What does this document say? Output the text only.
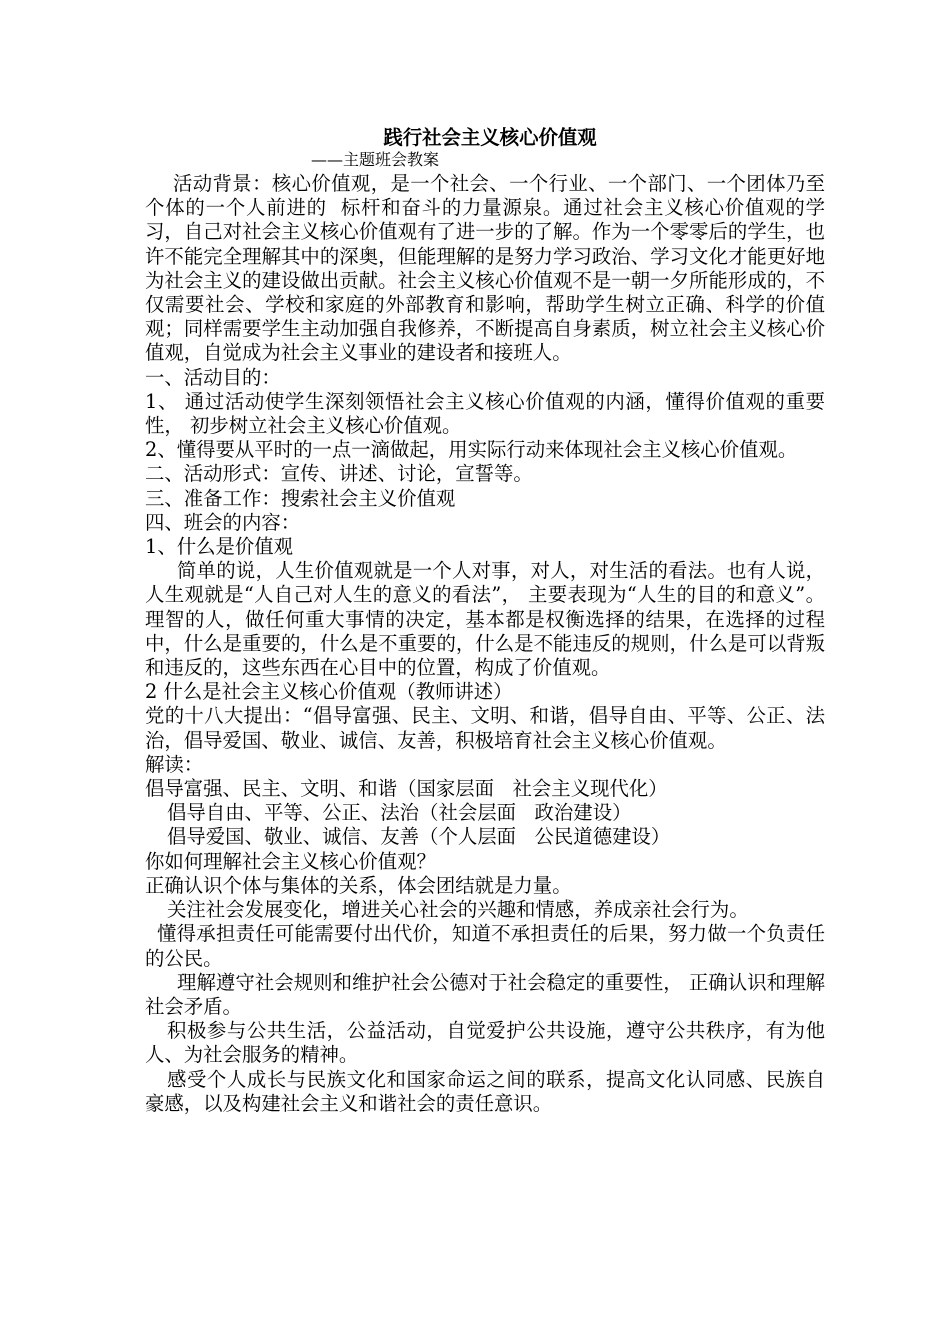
践行社会主义核心价值观
——主题班会教案

活动背景：核心价值观，是一个社会、一个行业、一个部门、一个团体乃至个体的一个人前进的  标杆和奋斗的力量源泉。通过社会主义核心价值观的学习，自己对社会主义核心价值观有了进一步的了解。作为一个零零后的学生，也许不能完全理解其中的深奥，但能理解的是努力学习政治、学习文化才能更好地为社会主义的建设做出贡献。社会主义核心价值观不是一朝一夕所能形成的，不仅需要社会、学校和家庭的外部教育和影响，帮助学生树立正确、科学的价值观；同样需要学生主动加强自我修养，不断提高自身素质，树立社会主义核心价值观，自觉成为社会主义事业的建设者和接班人。

一、活动目的：

1、 通过活动使学生深刻领悟社会主义核心价值观的内涵，懂得价值观的重要性， 初步树立社会主义核心价值观。

2、懂得要从平时的一点一滴做起，用实际行动来体现社会主义核心价值观。

二、活动形式：宣传、讲述、讨论，宣誓等。

三、准备工作：搜索社会主义价值观

四、班会的内容：

1、什么是价值观

简单的说，人生价值观就是一个人对事，对人，对生活的看法。也有人说，人生观就是“人自己对人生的意义的看法”， 主要表现为“人生的目的和意义”。理智的人，做任何重大事情的决定，基本都是权衡选择的结果，在选择的过程中，什么是重要的，什么是不重要的，什么是不能违反的规则，什么是可以背叛和违反的，这些东西在心目中的位置，构成了价值观。

2 什么是社会主义核心价值观（教师讲述）

党的十八大提出：“倡导富强、民主、文明、和谐，倡导自由、平等、公正、法治，倡导爱国、敬业、诚信、友善，积极培育社会主义核心价值观。

解读：

倡导富强、民主、文明、和谐（国家层面   社会主义现代化）

倡导自由、平等、公正、法治（社会层面   政治建设）

倡导爱国、敬业、诚信、友善（个人层面   公民道德建设）

你如何理解社会主义核心价值观？

正确认识个体与集体的关系，体会团结就是力量。

关注社会发展变化，增进关心社会的兴趣和情感，养成亲社会行为。

懂得承担责任可能需要付出代价，知道不承担责任的后果，努力做一个负责任的公民。

理解遵守社会规则和维护社会公德对于社会稳定的重要性， 正确认识和理解社会矛盾。

积极参与公共生活，公益活动，自觉爱护公共设施，遵守公共秩序，有为他人、为社会服务的精神。

感受个人成长与民族文化和国家命运之间的联系，提高文化认同感、民族自豪感，以及构建社会主义和谐社会的责任意识。
